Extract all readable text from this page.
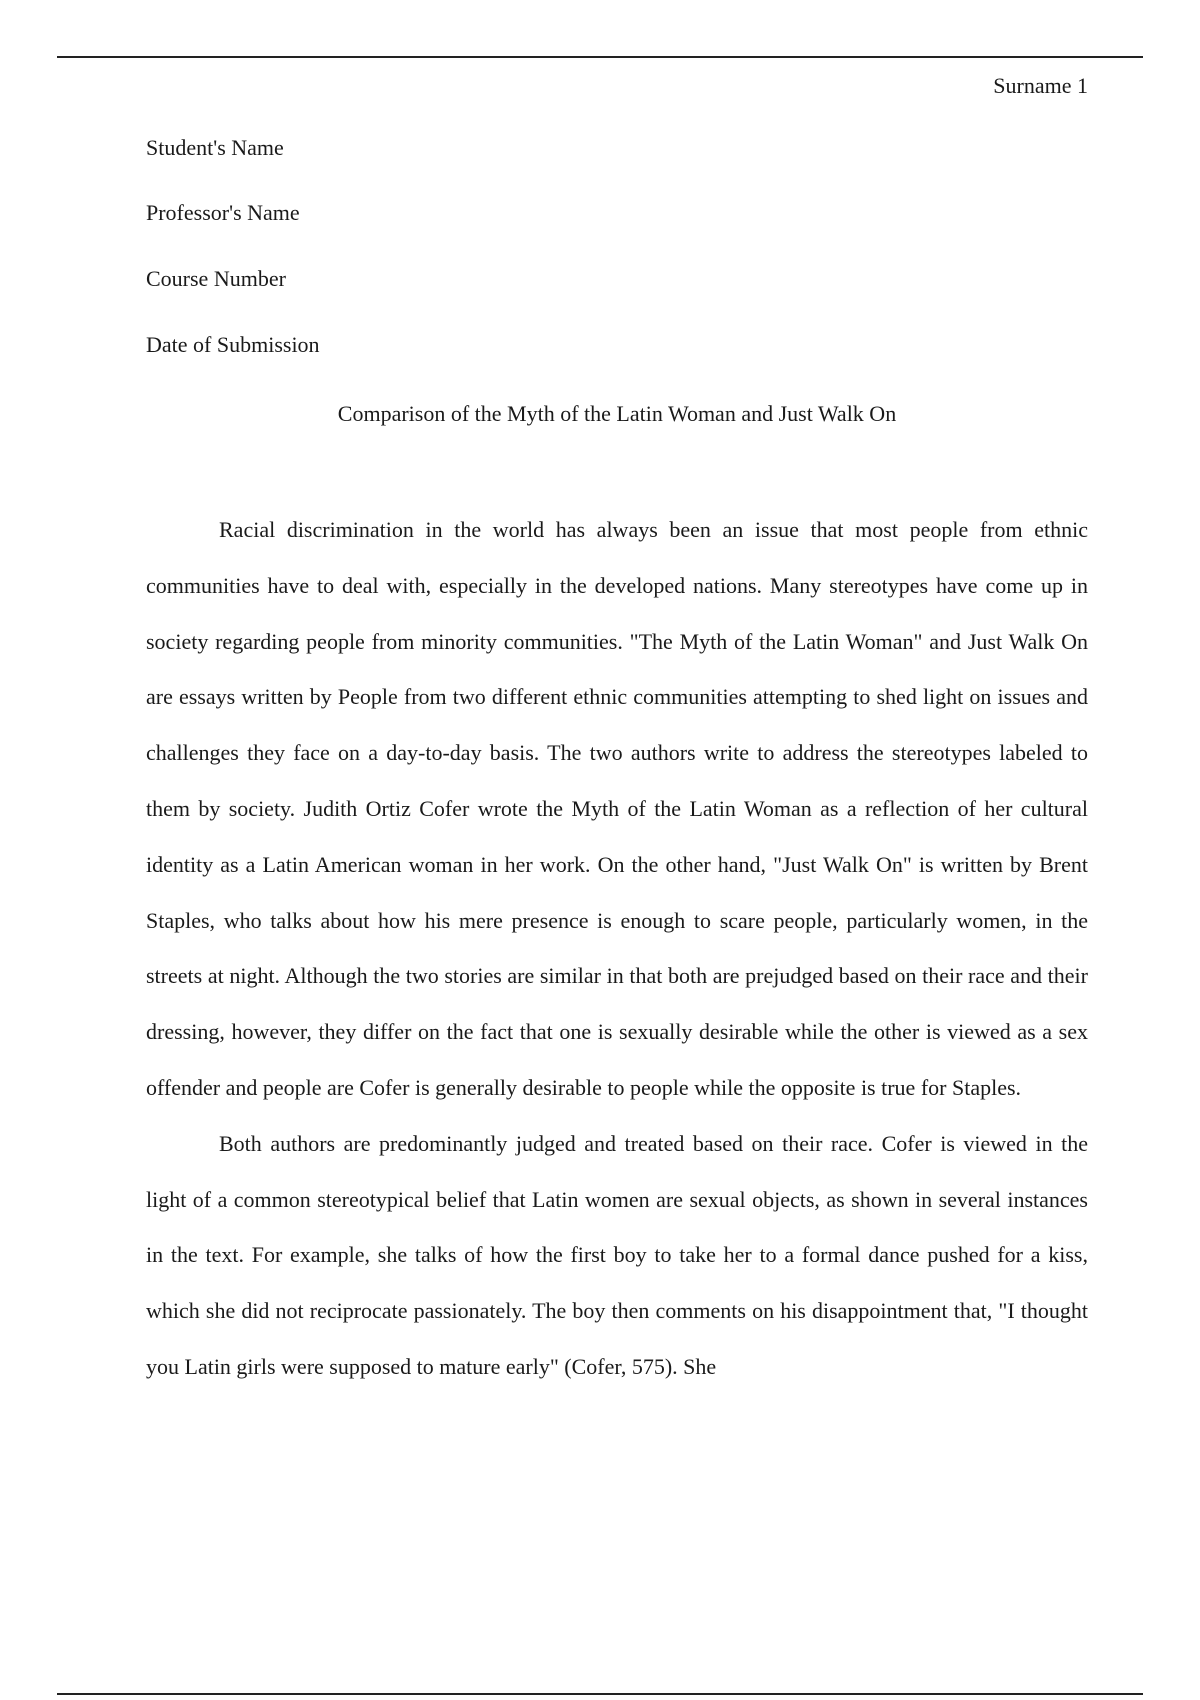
Surname 1
Student's Name
Professor's Name
Course Number
Date of Submission
Comparison of the Myth of the Latin Woman and Just Walk On

Racial discrimination in the world has always been an issue that most people from ethnic communities have to deal with, especially in the developed nations. Many stereotypes have come up in society regarding people from minority communities. "The Myth of the Latin Woman" and Just Walk On are essays written by People from two different ethnic communities attempting to shed light on issues and challenges they face on a day-to-day basis. The two authors write to address the stereotypes labeled to them by society. Judith Ortiz Cofer wrote the Myth of the Latin Woman as a reflection of her cultural identity as a Latin American woman in her work. On the other hand, "Just Walk On" is written by Brent Staples, who talks about how his mere presence is enough to scare people, particularly women, in the streets at night. Although the two stories are similar in that both are prejudged based on their race and their dressing, however, they differ on the fact that one is sexually desirable while the other is viewed as a sex offender and people are Cofer is generally desirable to people while the opposite is true for Staples.

Both authors are predominantly judged and treated based on their race. Cofer is viewed in the light of a common stereotypical belief that Latin women are sexual objects, as shown in several instances in the text. For example, she talks of how the first boy to take her to a formal dance pushed for a kiss, which she did not reciprocate passionately. The boy then comments on his disappointment that, "I thought you Latin girls were supposed to mature early" (Cofer, 575). She
